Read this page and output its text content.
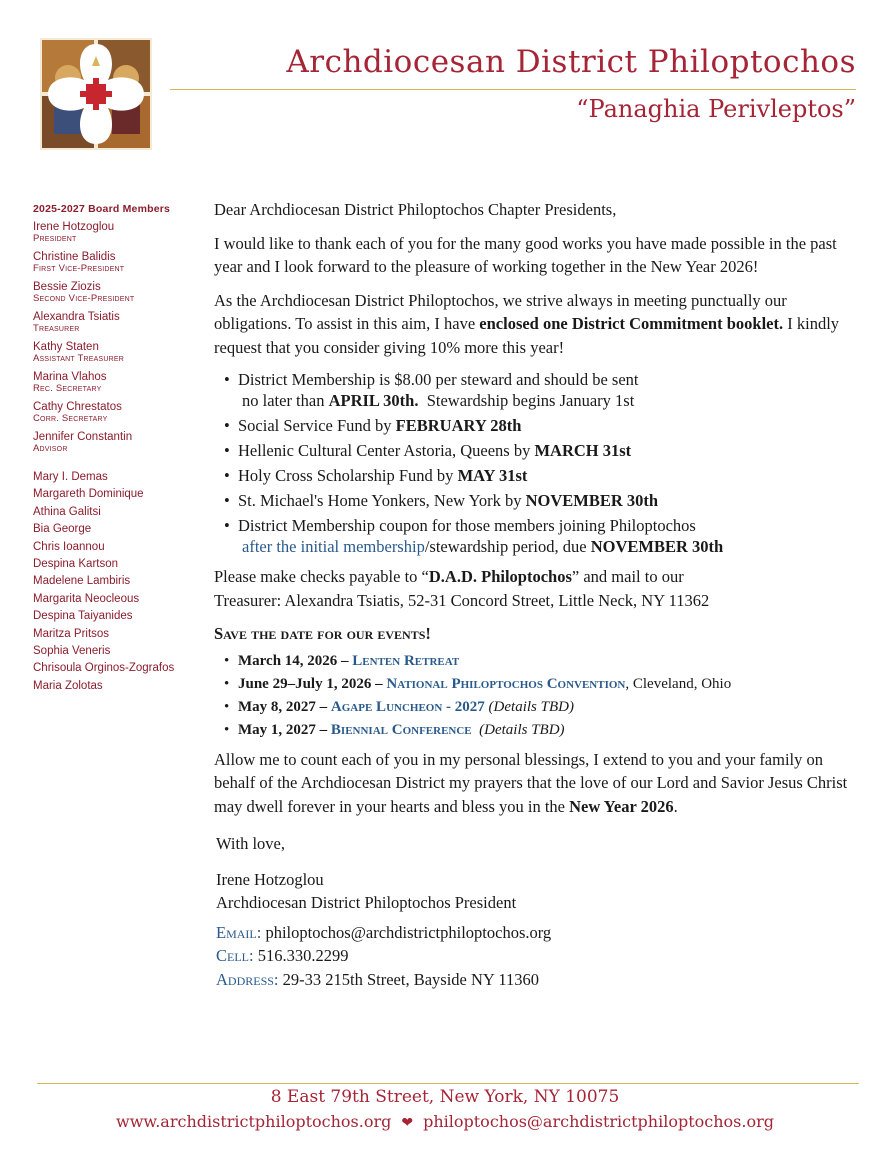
Archdiocesan District Philoptochos
“Panaghia Perivleptos”
2025-2027 Board Members
Irene Hotzoglou
President
Christine Balidis
First Vice-President
Bessie Ziozis
Second Vice-President
Alexandra Tsiatis
Treasurer
Kathy Staten
Assistant Treasurer
Marina Vlahos
Rec. Secretary
Cathy Chrestatos
Corr. Secretary
Jennifer Constantin
Advisor
Mary I. Demas
Margareth Dominique
Athina Galitsi
Bia George
Chris Ioannou
Despina Kartson
Madelene Lambiris
Margarita Neocleous
Despina Taiyanides
Maritza Pritsos
Sophia Veneris
Chrisoula Orginos-Zografos
Maria Zolotas

Dear Archdiocesan District Philoptochos Chapter Presidents,

I would like to thank each of you for the many good works you have made possible in the past year and I look forward to the pleasure of working together in the New Year 2026!

As the Archdiocesan District Philoptochos, we strive always in meeting punctually our obligations. To assist in this aim, I have enclosed one District Commitment booklet. I kindly request that you consider giving 10% more this year!

• District Membership is $8.00 per steward and should be sent
no later than APRIL 30th.  Stewardship begins January 1st
• Social Service Fund by FEBRUARY 28th
• Hellenic Cultural Center Astoria, Queens by MARCH 31st
• Holy Cross Scholarship Fund by MAY 31st
• St. Michael's Home Yonkers, New York by NOVEMBER 30th
• District Membership coupon for those members joining Philoptochos
after the initial membership/stewardship period, due NOVEMBER 30th

Please make checks payable to “D.A.D. Philoptochos” and mail to our
Treasurer: Alexandra Tsiatis, 52-31 Concord Street, Little Neck, NY 11362

Save the date for our events!
• March 14, 2026 – Lenten Retreat
• June 29–July 1, 2026 – National Philoptochos Convention, Cleveland, Ohio
• May 8, 2027 – Agape Luncheon - 2027 (Details TBD)
• May 1, 2027 – Biennial Conference  (Details TBD)

Allow me to count each of you in my personal blessings, I extend to you and your family on behalf of the Archdiocesan District my prayers that the love of our Lord and Savior Jesus Christ may dwell forever in your hearts and bless you in the New Year 2026.

With love,
Irene Hotzoglou
Archdiocesan District Philoptochos President
Email: philoptochos@archdistrictphiloptochos.org
Cell: 516.330.2299
Address: 29-33 215th Street, Bayside NY 11360
8 East 79th Street, New York, NY 10075
www.archdistrictphiloptochos.org ❤ philoptochos@archdistrictphiloptochos.org
